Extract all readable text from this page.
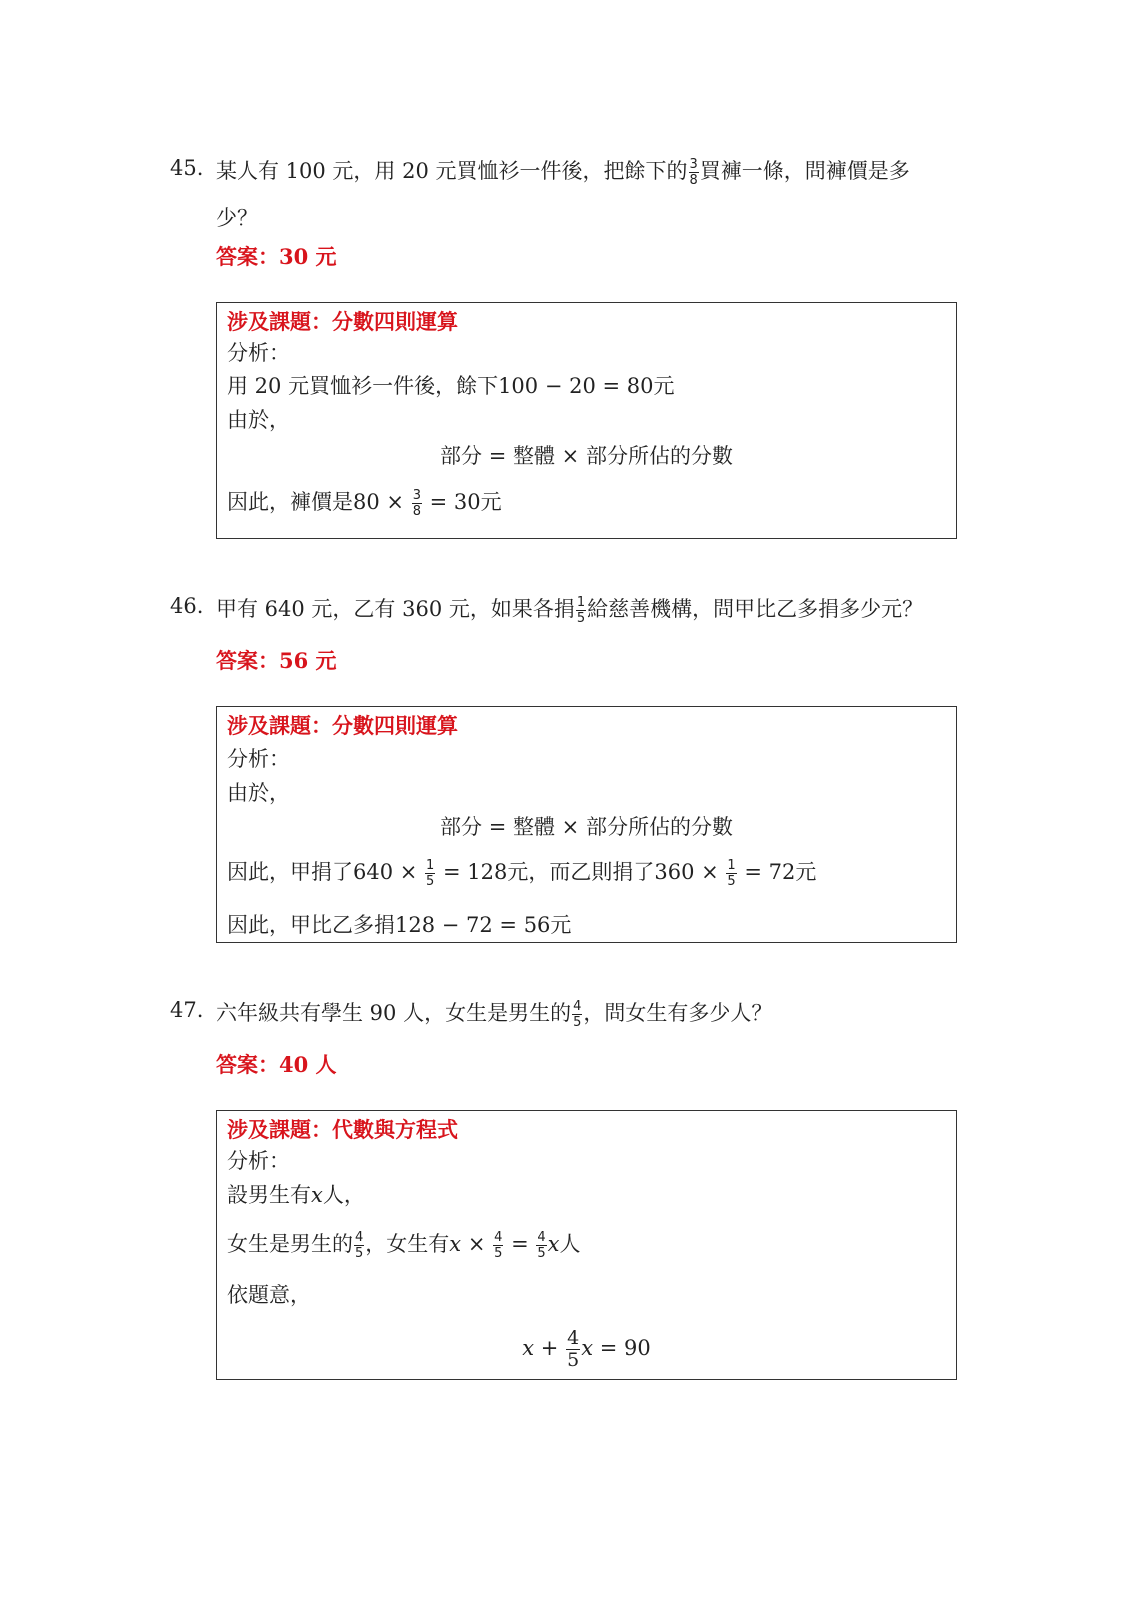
45. 某人有 100 元，用 20 元買恤衫一件後，把餘下的 $\frac{3}{8}$ 買褲一條，問褲價是多
少？
答案：30 元
涉及課題：分數四則運算
分析：
用 20 元買恤衫一件後，餘下100 − 20 = 80元
由於，
部分 = 整體 × 部分所佔的分數
因此，褲價是$80 \times \frac{3}{8} = 30$元
46. 甲有 640 元，乙有 360 元，如果各捐 $\frac{1}{5}$ 給慈善機構，問甲比乙多捐多少元？
答案：56 元
涉及課題：分數四則運算
分析：
由於，
部分 = 整體 × 部分所佔的分數
因此，甲捐了$640 \times \frac{1}{5} = 128$元，而乙則捐了$360 \times \frac{1}{5} = 72$元
因此，甲比乙多捐128 − 72 = 56元
47. 六年級共有學生 90 人，女生是男生的 $\frac{4}{5}$ ，問女生有多少人？
答案：40 人
涉及課題：代數與方程式
分析：
設男生有x人，
女生是男生的 $\frac{4}{5}$ ，女生有$x \times \frac{4}{5} = \frac{4}{5}$ x人
依題意，
$x + \frac{4}{5}$ x = 90
